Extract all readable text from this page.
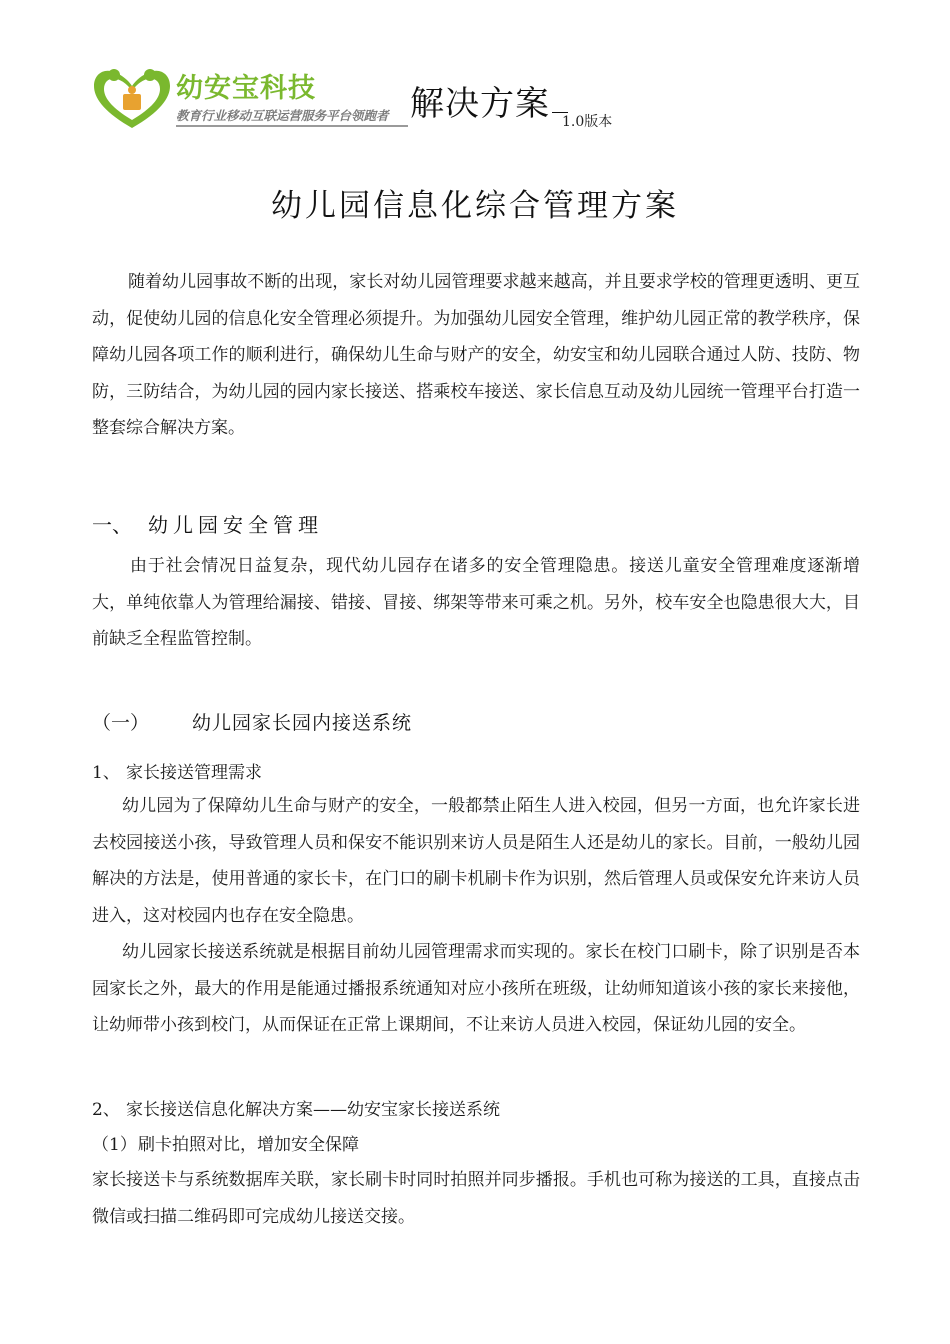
幼安宝科技
教育行业移动互联运营服务平台领跑者 解决方案 1.0版本
幼儿园信息化综合管理方案

随着幼儿园事故不断的出现，家长对幼儿园管理要求越来越高，并且要求学校的管理更透明、更互动，促使幼儿园的信息化安全管理必须提升。为加强幼儿园安全管理，维护幼儿园正常的教学秩序，保障幼儿园各项工作的顺利进行，确保幼儿生命与财产的安全，幼安宝和幼儿园联合通过人防、技防、物防，三防结合，为幼儿园的园内家长接送、搭乘校车接送、家长信息互动及幼儿园统一管理平台打造一整套综合解决方案。

一、 幼儿园安全管理

由于社会情况日益复杂，现代幼儿园存在诸多的安全管理隐患。接送儿童安全管理难度逐渐增大，单纯依靠人为管理给漏接、错接、冒接、绑架等带来可乘之机。另外，校车安全也隐患很大大，目前缺乏全程监管控制。

（一） 幼儿园家长园内接送系统
1、 家长接送管理需求

幼儿园为了保障幼儿生命与财产的安全，一般都禁止陌生人进入校园，但另一方面，也允许家长进去校园接送小孩，导致管理人员和保安不能识别来访人员是陌生人还是幼儿的家长。目前，一般幼儿园解决的方法是，使用普通的家长卡，在门口的刷卡机刷卡作为识别，然后管理人员或保安允许来访人员进入，这对校园内也存在安全隐患。

幼儿园家长接送系统就是根据目前幼儿园管理需求而实现的。家长在校门口刷卡，除了识别是否本园家长之外，最大的作用是能通过播报系统通知对应小孩所在班级，让幼师知道该小孩的家长来接他，让幼师带小孩到校门，从而保证在正常上课期间，不让来访人员进入校园，保证幼儿园的安全。

2、 家长接送信息化解决方案——幼安宝家长接送系统
（1）刷卡拍照对比，增加安全保障

家长接送卡与系统数据库关联，家长刷卡时同时拍照并同步播报。手机也可称为接送的工具，直接点击微信或扫描二维码即可完成幼儿接送交接。
